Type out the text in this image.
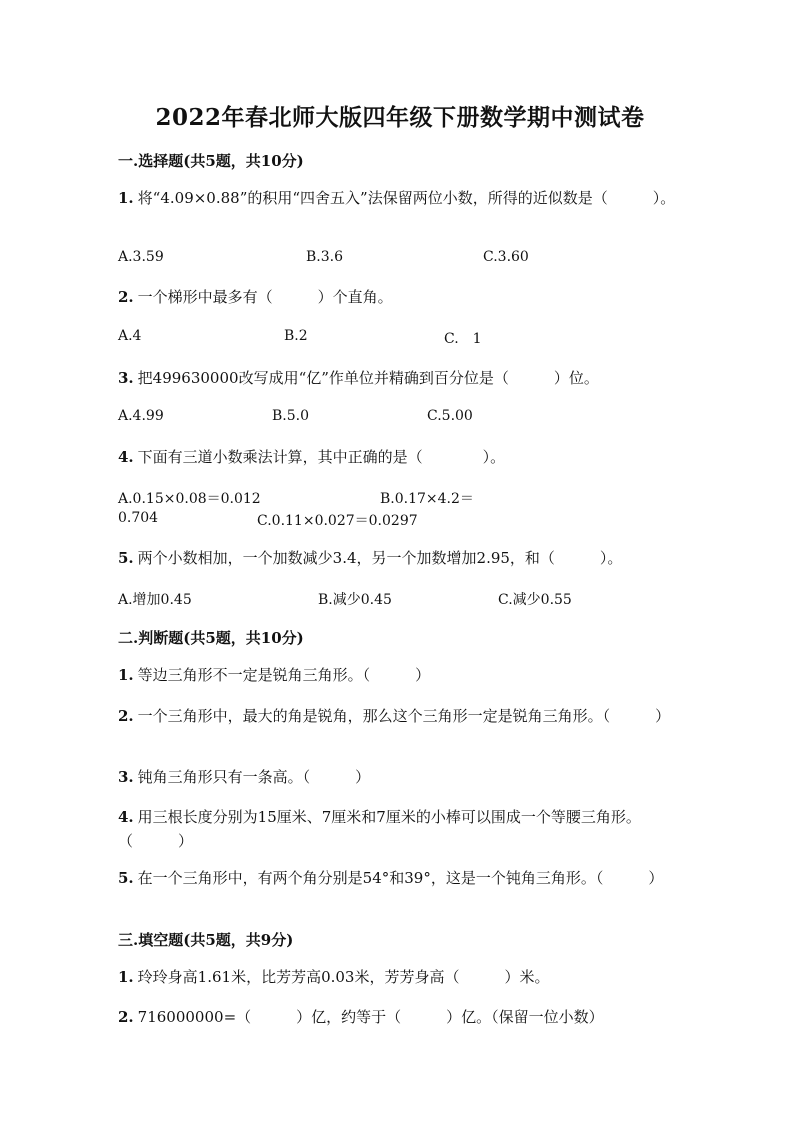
2022年春北师大版四年级下册数学期中测试卷
一.选择题(共5题，共10分)
1. 将“4.09×0.88”的积用“四舍五入”法保留两位小数，所得的近似数是（　　　）。
A.3.59	B.3.6	C.3.60
2. 一个梯形中最多有（　　　）个直角。
A.4	B.2	C.　1
3. 把499630000改写成用“亿”作单位并精确到百分位是（　　　）位。
A.4.99	B.5.0	C.5.00
4. 下面有三道小数乘法计算，其中正确的是（　　　　）。
A.0.15×0.08＝0.012	B.0.17×4.2＝
0.704	C.0.11×0.027＝0.0297
5. 两个小数相加，一个加数减少3.4，另一个加数增加2.95，和（　　　）。
A.增加0.45	B.减少0.45	C.减少0.55
二.判断题(共5题，共10分)
1. 等边三角形不一定是锐角三角形。（　　　）
2. 一个三角形中，最大的角是锐角，那么这个三角形一定是锐角三角形。（　　　）
3. 钝角三角形只有一条高。（　　　）
4. 用三根长度分别为15厘米、7厘米和7厘米的小棒可以围成一个等腰三角形。（　　　）
5. 在一个三角形中，有两个角分别是54°和39°，这是一个钝角三角形。（　　　）
三.填空题(共5题，共9分)
1. 玲玲身高1.61米，比芳芳高0.03米，芳芳身高（　　　）米。
2. 716000000=（　　　）亿，约等于（　　　）亿。（保留一位小数）
